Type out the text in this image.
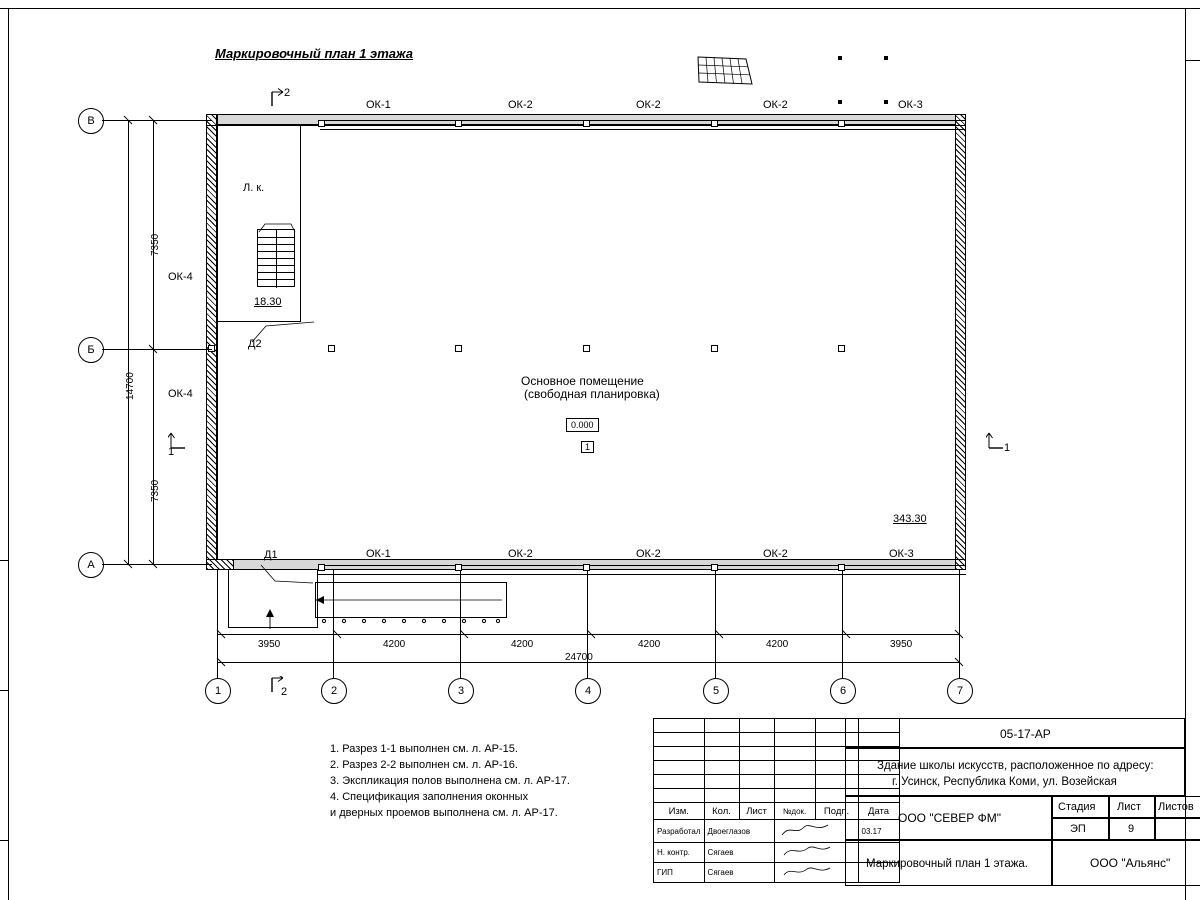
Маркировочный план 1 этажа
Л. к.
18.30
Д2
Основное помещение
(свободная планировка)
0.000
1
343.30
ОК-1	ОК-2	ОК-2	ОК-2	ОК-3
ОК-1	ОК-2	ОК-2	ОК-2	ОК-3
ОК-4
ОК-4
Д1
2
1	1
2
В
Б
А
1	2	3	4	5	6	7
3950	4200	4200	4200	4200	3950
24700
7350
7350
14700
1. Разрез 1-1 выполнен см. л. АР-15.
2. Разрез 2-2 выполнен см. л. АР-16.
3. Экспликация полов выполнена см. л. АР-17.
4. Спецификация заполнения оконных
и дверных проемов выполнена см. л. АР-17.

						Изм.	Кол.	Лист	№док.	Подп.	Дата
Разработал	Двоеглазов				03.17
Н. контр.	Сягаев		
ГИП	Сягаев		
05-17-АР
Здание школы искусств, расположенное по адресу:
г. Усинск, Республика Коми, ул. Возейская
ООО "СЕВЕР ФМ"
Маркировочный план 1 этажа.
Стадия Лист Листов
ЭП	9
ООО "Альянс"
